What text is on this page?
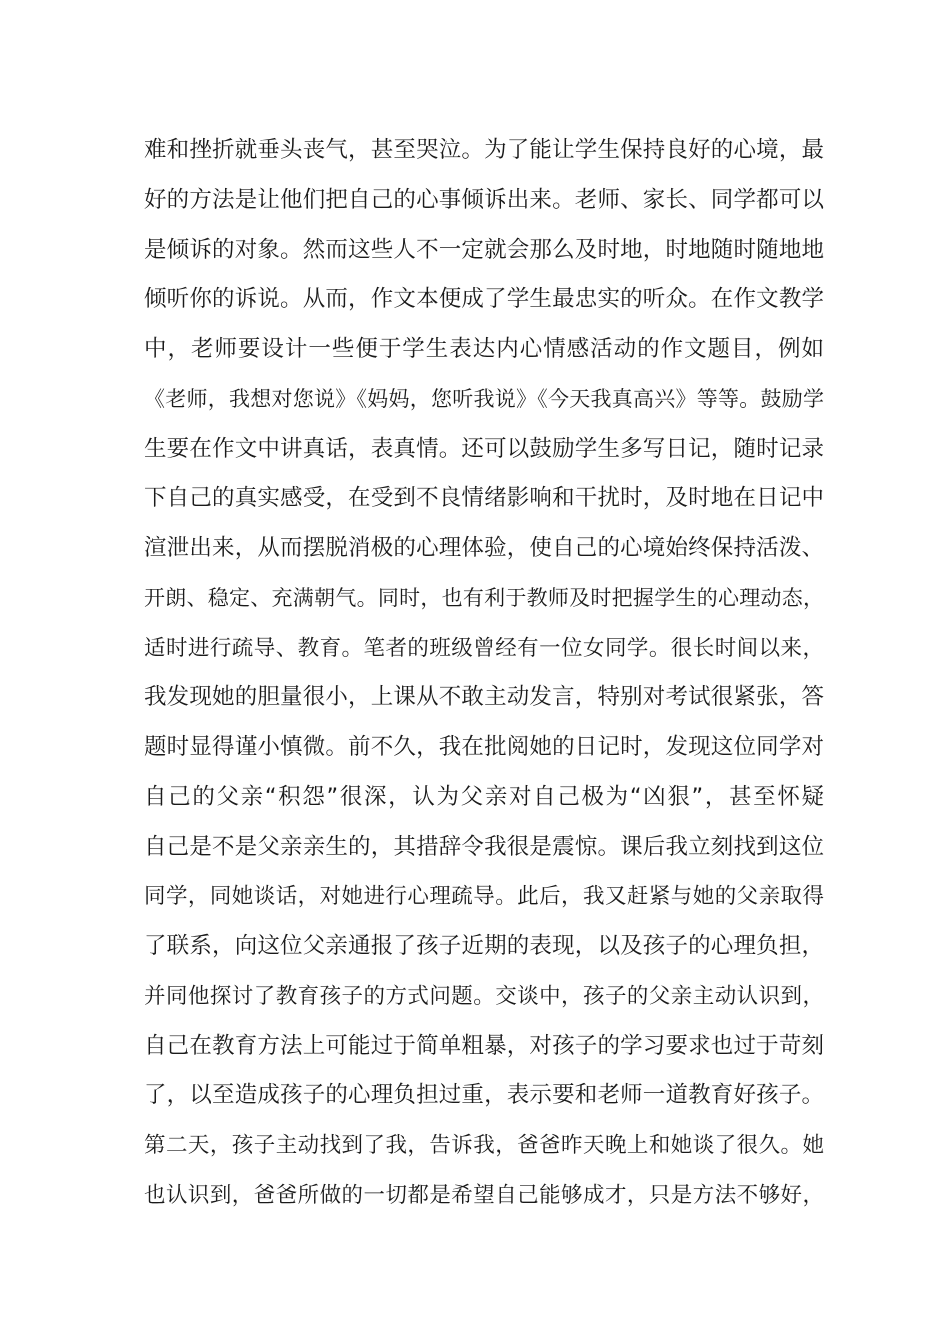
难和挫折就垂头丧气，甚至哭泣。为了能让学生保持良好的心境，最
好的方法是让他们把自己的心事倾诉出来。老师、家长、同学都可以
是倾诉的对象。然而这些人不一定就会那么及时地，时地随时随地地
倾听你的诉说。从而，作文本便成了学生最忠实的听众。在作文教学
中，老师要设计一些便于学生表达内心情感活动的作文题目，例如
《老师，我想对您说》《妈妈，您听我说》《今天我真高兴》等等。鼓励学
生要在作文中讲真话，表真情。还可以鼓励学生多写日记，随时记录
下自己的真实感受，在受到不良情绪影响和干扰时，及时地在日记中
渲泄出来，从而摆脱消极的心理体验，使自己的心境始终保持活泼、
开朗、稳定、充满朝气。同时，也有利于教师及时把握学生的心理动态，
适时进行疏导、教育。笔者的班级曾经有一位女同学。很长时间以来，
我发现她的胆量很小，上课从不敢主动发言，特别对考试很紧张，答
题时显得谨小慎微。前不久，我在批阅她的日记时，发现这位同学对
自己的父亲“积怨”很深，认为父亲对自己极为“凶狠”，甚至怀疑
自己是不是父亲亲生的，其措辞令我很是震惊。课后我立刻找到这位
同学，同她谈话，对她进行心理疏导。此后，我又赶紧与她的父亲取得
了联系，向这位父亲通报了孩子近期的表现，以及孩子的心理负担，
并同他探讨了教育孩子的方式问题。交谈中，孩子的父亲主动认识到，
自己在教育方法上可能过于简单粗暴，对孩子的学习要求也过于苛刻
了，以至造成孩子的心理负担过重，表示要和老师一道教育好孩子。
第二天，孩子主动找到了我，告诉我，爸爸昨天晚上和她谈了很久。她
也认识到，爸爸所做的一切都是希望自己能够成才，只是方法不够好，
